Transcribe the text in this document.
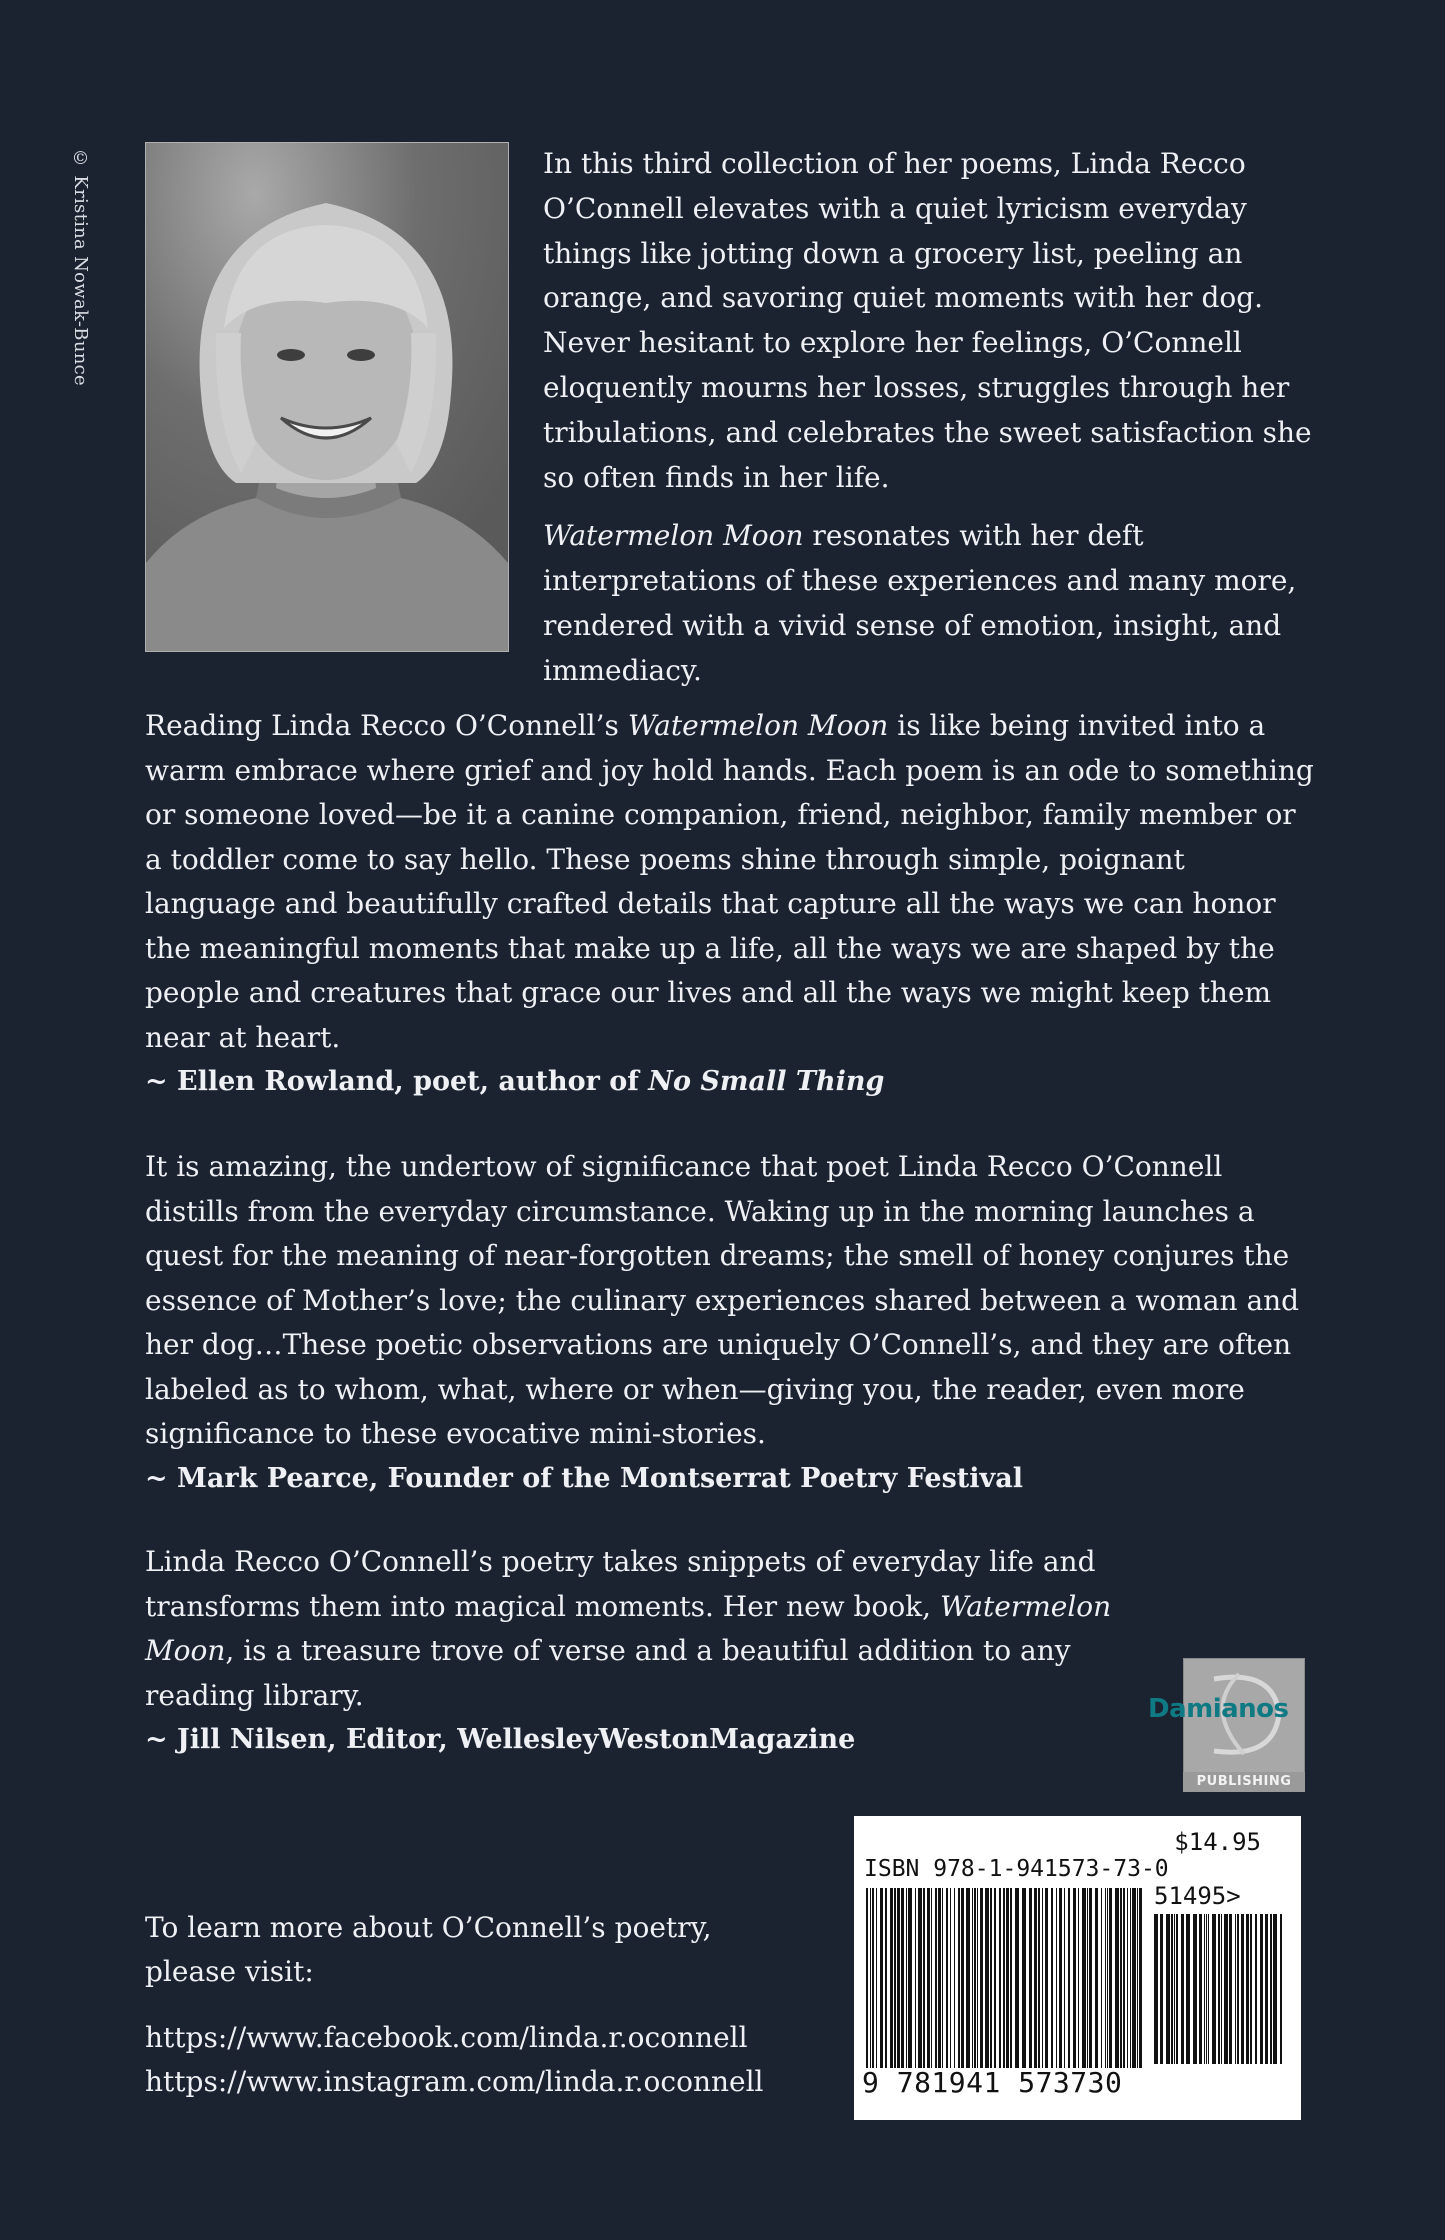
© Kristina Nowak-Bunce	In this third collection of her poems, Linda Recco O’Connell elevates with a quiet lyricism everyday things like jotting down a grocery list, peeling an orange, and savoring quiet moments with her dog. Never hesitant to explore her feelings, O’Connell eloquently mourns her losses, struggles through her tribulations, and celebrates the sweet satisfaction she so often finds in her life.

Watermelon Moon resonates with her deft interpretations of these experiences and many more, rendered with a vivid sense of emotion, insight, and immediacy.

Reading Linda Recco O’Connell’s Watermelon Moon is like being invited into a warm embrace where grief and joy hold hands. Each poem is an ode to something or someone loved—be it a canine companion, friend, neighbor, family member or a toddler come to say hello. These poems shine through simple, poignant language and beautifully crafted details that capture all the ways we can honor the meaningful moments that make up a life, all the ways we are shaped by the people and creatures that grace our lives and all the ways we might keep them near at heart.

~ Ellen Rowland, poet, author of No Small Thing

It is amazing, the undertow of significance that poet Linda Recco O’Connell distills from the everyday circumstance. Waking up in the morning launches a quest for the meaning of near-forgotten dreams; the smell of honey conjures the essence of Mother’s love; the culinary experiences shared between a woman and her dog…These poetic observations are uniquely O’Connell’s, and they are often labeled as to whom, what, where or when—giving you, the reader, even more significance to these evocative mini-stories.

~ Mark Pearce, Founder of the Montserrat Poetry Festival

Linda Recco O’Connell’s poetry takes snippets of everyday life and transforms them into magical moments. Her new book, Watermelon Moon, is a treasure trove of verse and a beautiful addition to any reading library.

~ Jill Nilsen, Editor, WellesleyWestonMagazine

To learn more about O’Connell’s poetry,

please visit:

https://www.facebook.com/linda.r.oconnell

https://www.instagram.com/linda.r.oconnell

Damianos
PUBLISHING
$14.95
ISBN 978-1-941573-73-0
51495>
9 781941 573730
